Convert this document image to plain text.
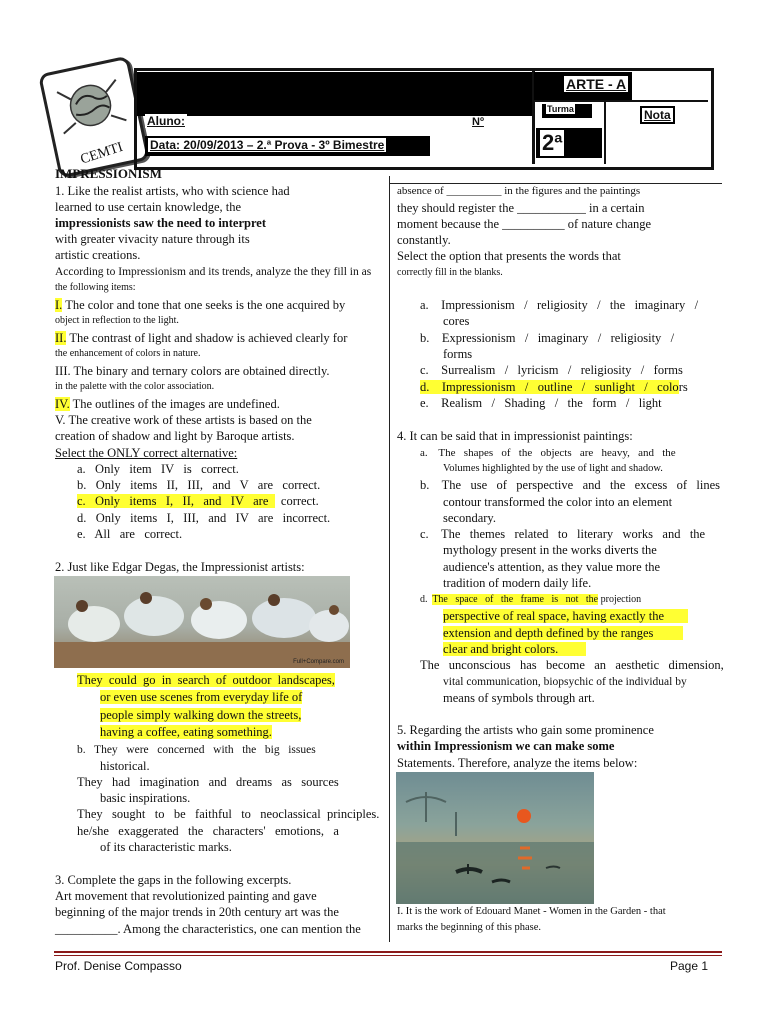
CEMTI
ARTE - A
Aluno:	Nº
Data: 20/09/2013 – 2.ª Prova - 3º Bimestre
Turma
2ª
Nota
IMPRESSIONISM
1. Like the realist artists, who with science had
learned to use certain knowledge, the
impressionists saw the need to interpret
with greater vivacity nature through its
artistic creations.
According to Impressionism and its trends, analyze the they fill in as
the following items:
I. The color and tone that one seeks is the one acquired by
object in reflection to the light.
II. The contrast of light and shadow is achieved clearly for
the enhancement of colors in nature.
III. The binary and ternary colors are obtained directly.
in the palette with the color association.
IV. The outlines of the images are undefined.
V. The creative work of these artists is based on the
creation of shadow and light by Baroque artists.
Select the ONLY correct alternative:
a.   Only   item   IV   is   correct.
b.   Only   items   II,   III,   and   V   are   correct.
c.   Only   items   I,   II,   and   IV   are    correct.
d.   Only   items   I,   III,   and   IV   are   incorrect.
e.   All   are   correct.
2. Just like Edgar Degas, the Impressionist artists:
Full+Compare.com
They  could  go  in  search  of  outdoor  landscapes,
or even use scenes from everyday life of
people simply walking down the streets,
having a coffee, eating something.
b.   They   were   concerned   with   the   big   issues
historical.
They   had   imagination   and   dreams   as   sources
basic inspirations.
They   sought   to   be   faithful   to   neoclassical  principles.
he/she   exaggerated   the   characters'   emotions,   a
of its characteristic marks.
3. Complete the gaps in the following excerpts.
Art movement that revolutionized painting and gave
beginning of the major trends in 20th century art was the
__________. Among the characteristics, one can mention the
absence of __________ in the figures and the paintings
they should register the ___________ in a certain
moment because the __________ of nature change
constantly.
Select the option that presents the words that
correctly fill in the blanks.
a.    Impressionism   /   religiosity   /   the   imaginary   /
cores
b.    Expressionism   /   imaginary   /   religiosity   /
forms
c.    Surrealism   /   lyricism   /   religiosity   /   forms
d.    Impressionism   /   outline   /   sunlight   /   colors
e.    Realism   /   Shading   /   the   form   /   light
4. It can be said that in impressionist paintings:
a.    The   shapes   of   the   objects   are   heavy,   and   the
Volumes highlighted by the use of light and shadow.
b.    The   use   of   perspective   and   the   excess   of   lines
contour transformed the color into an element
secondary.
c.    The   themes   related   to   literary   works   and   the
mythology present in the works diverts the
audience's attention, as they value more the
tradition of modern daily life.
d.  The   space   of   the   frame   is   not   the projection
perspective of real space, having exactly the
extension and depth defined by the ranges
clear and bright colors.
The   unconscious   has   become   an   aesthetic   dimension,
vital communication, biopsychic of the individual by
means of symbols through art.
5. Regarding the artists who gain some prominence
within Impressionism we can make some
Statements. Therefore, analyze the items below:
I. It is the work of Edouard Manet - Women in the Garden - that
marks the beginning of this phase.
Prof. Denise Compasso	Page 1
